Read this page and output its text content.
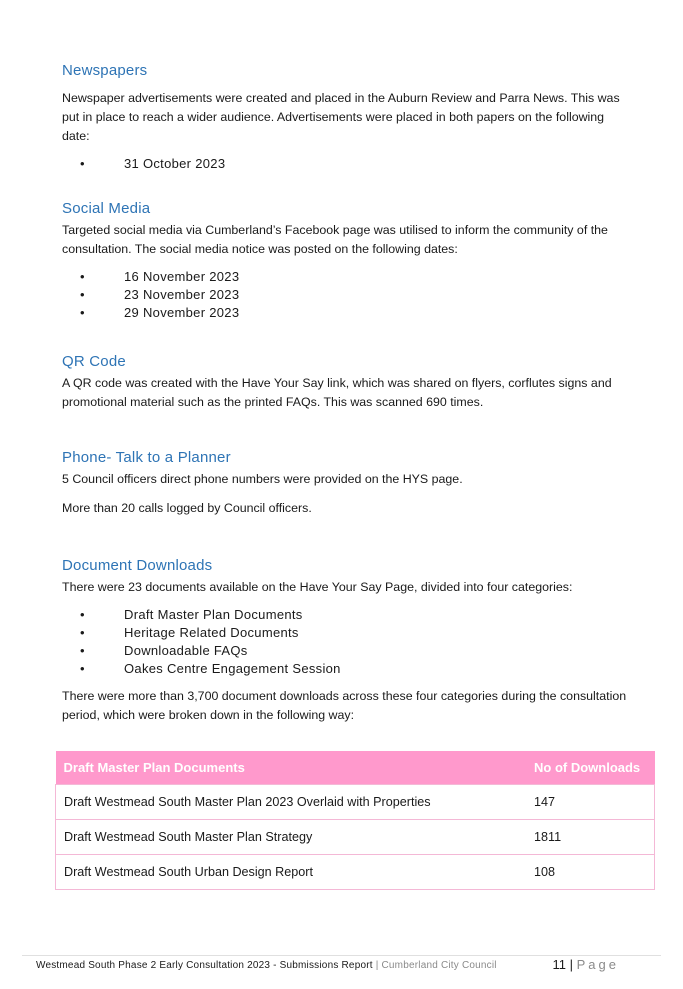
Newspapers

Newspaper advertisements were created and placed in the Auburn Review and Parra News. This was put in place to reach a wider audience. Advertisements were placed in both papers on the following date:

•	31 October 2023
Social Media

Targeted social media via Cumberland’s Facebook page was utilised to inform the community of the consultation. The social media notice was posted on the following dates:

•	16 November 2023
•	23 November 2023
•	29 November 2023
QR Code

A QR code was created with the Have Your Say link, which was shared on flyers, corflutes signs and promotional material such as the printed FAQs. This was scanned 690 times.

Phone- Talk to a Planner

5 Council officers direct phone numbers were provided on the HYS page.

More than 20 calls logged by Council officers.

Document Downloads

There were 23 documents available on the Have Your Say Page, divided into four categories:

•	Draft Master Plan Documents
•	Heritage Related Documents
•	Downloadable FAQs
•	Oakes Centre Engagement Session

There were more than 3,700 document downloads across these four categories during the consultation period, which were broken down in the following way:

Draft Master Plan Documents	No of Downloads
Draft Westmead South Master Plan 2023 Overlaid with Properties	147
Draft Westmead South Master Plan Strategy	1811
Draft Westmead South Urban Design Report	108
Westmead South Phase 2 Early Consultation 2023 - Submissions Report | Cumberland City Council	11 | Page
